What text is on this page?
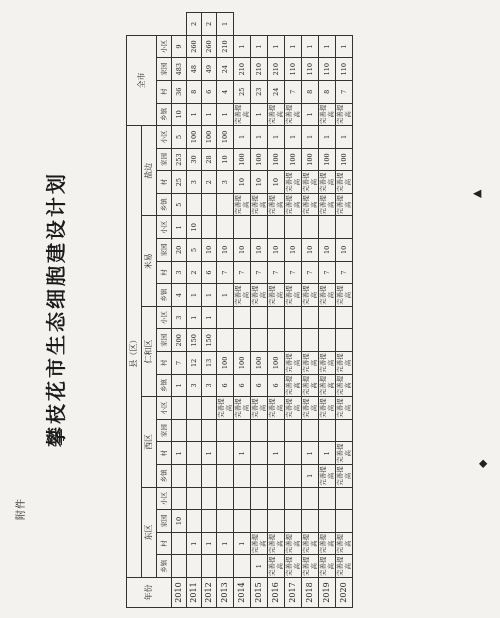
附件
攀枝花市生态细胞建设计划
年份	县（区）																				全市				
	东区				西区				仁和区				米易				盐边								
	乡镇	村	家园	小区	乡镇	村	家园	小区	乡镇	村	家园	小区	乡镇	村	家园	小区	乡镇	村	家园	小区	乡镇	村	家园	小区	
2010			10			1			1	7	200	3	4	3	20	1	5	25	253	5	10	36	483	9	
2011		1							3	12	150	1	1	2	5	10		3	30	100	1	8	48	260	2
2012		1				1			3	13	150	1	1	6	10			2	28	100	1	6	49	260	2
2013		1						完善提高	6	100			1	7	10			3	10	100	1	4	24	210	1
2014		1				1		完善提高	6	100			完善提高	7	10		完善提高	10	100	1	完善提高	25	210	1	
2015	1	完善提高						完善提高	6	100			完善提高	7	10		完善提高	10	100	1	1	23	210	1	
2016	完善提高	完善提高				1		完善提高	6	100			完善提高	7	10		完善提高	10	100	1	完善提高	24	210	1	
2017	完善提高	完善提高						完善提高	完善提高	完善提高			完善提高	7	10		完善提高	完善提高	100	1	完善提高	7	110	1	
2018	完善提高	完善提高			1	1		完善提高	完善提高	完善提高			完善提高	7	10		完善提高	完善提高	100	1	1	8	110	1	
2019	完善提高	完善提高			完善提高	1		完善提高	完善提高	完善提高			完善提高	7	10		完善提高	完善提高	100	1	完善提高	8	110	1	
2020	完善提高	完善提高			完善提高	完善提高		完善提高	完善提高	完善提高			完善提高	7	10		完善提高	完善提高	100	1	完善提高	7	110	1	
◆
▲
